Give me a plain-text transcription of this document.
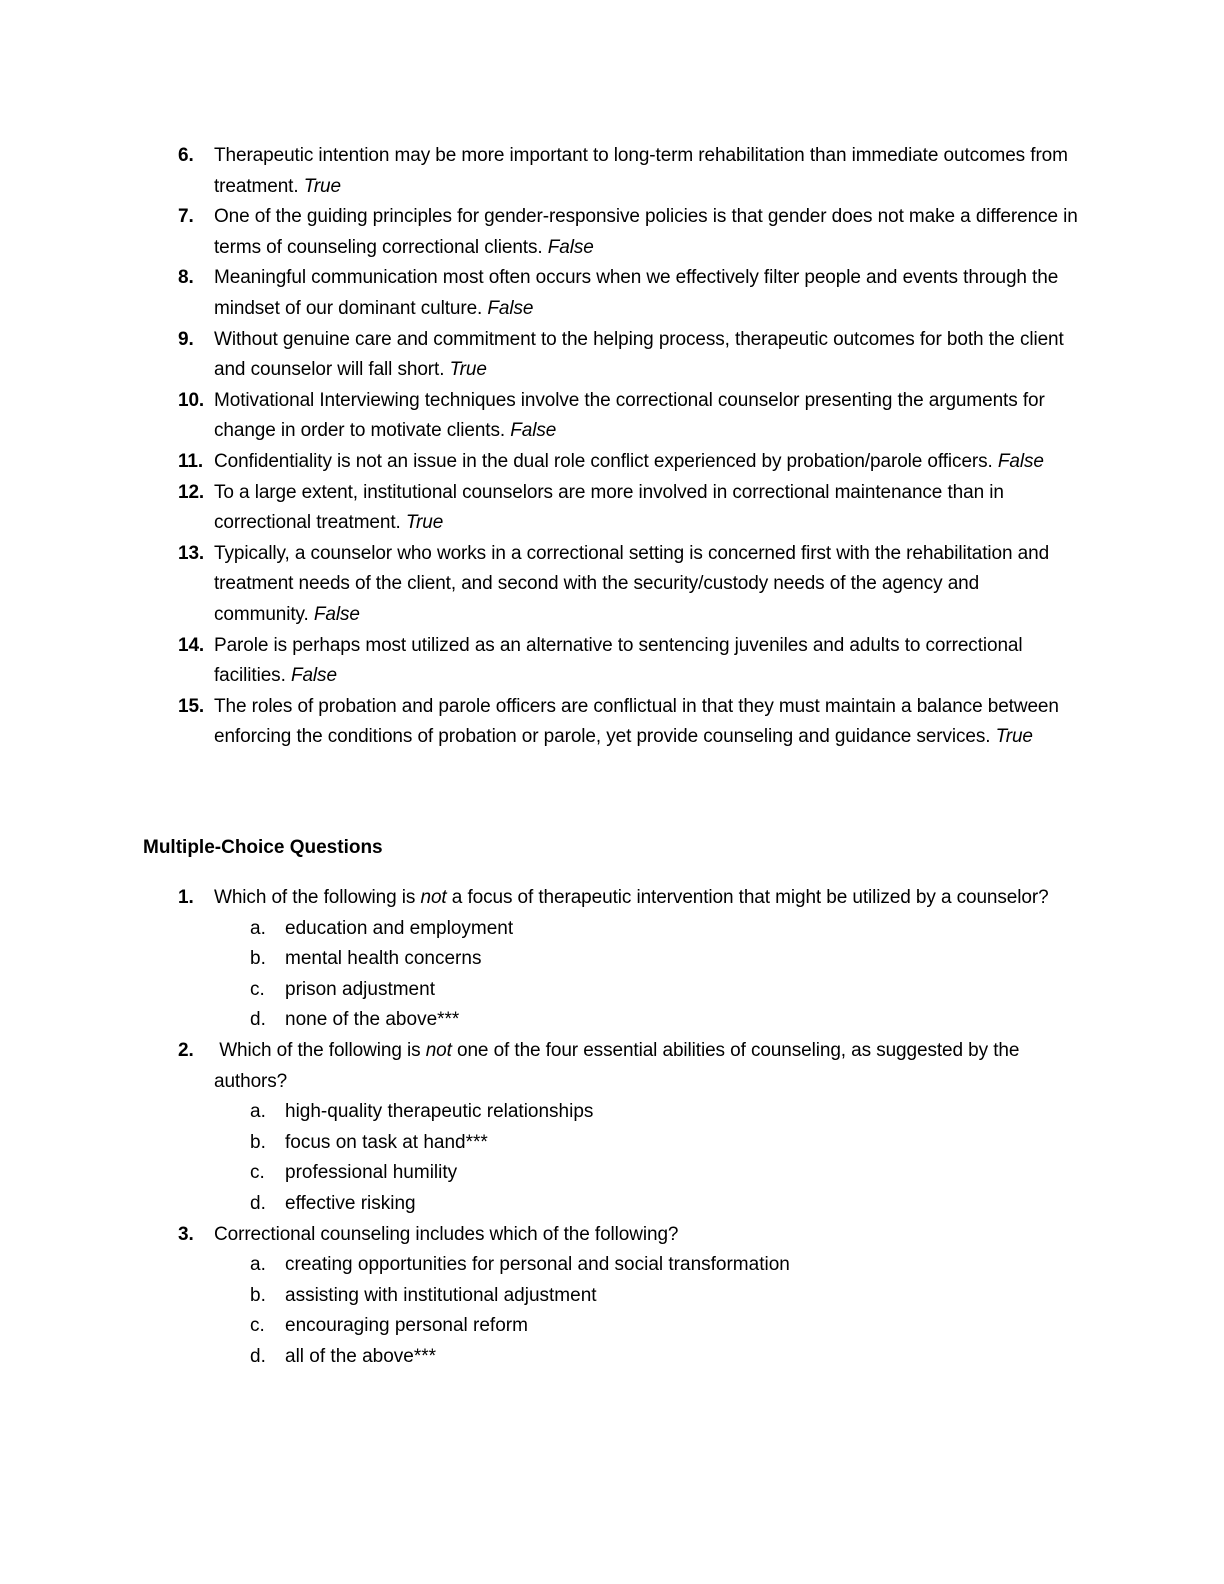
6. Therapeutic intention may be more important to long-term rehabilitation than immediate outcomes from treatment. True
7. One of the guiding principles for gender-responsive policies is that gender does not make a difference in terms of counseling correctional clients. False
8. Meaningful communication most often occurs when we effectively filter people and events through the mindset of our dominant culture. False
9. Without genuine care and commitment to the helping process, therapeutic outcomes for both the client and counselor will fall short. True
10. Motivational Interviewing techniques involve the correctional counselor presenting the arguments for change in order to motivate clients. False
11. Confidentiality is not an issue in the dual role conflict experienced by probation/parole officers. False
12. To a large extent, institutional counselors are more involved in correctional maintenance than in correctional treatment. True
13. Typically, a counselor who works in a correctional setting is concerned first with the rehabilitation and treatment needs of the client, and second with the security/custody needs of the agency and community. False
14. Parole is perhaps most utilized as an alternative to sentencing juveniles and adults to correctional facilities. False
15. The roles of probation and parole officers are conflictual in that they must maintain a balance between enforcing the conditions of probation or parole, yet provide counseling and guidance services. True
Multiple-Choice Questions
1. Which of the following is not a focus of therapeutic intervention that might be utilized by a counselor?
a. education and employment
b. mental health concerns
c. prison adjustment
d. none of the above***
2. Which of the following is not one of the four essential abilities of counseling, as suggested by the authors?
a. high-quality therapeutic relationships
b. focus on task at hand***
c. professional humility
d. effective risking
3. Correctional counseling includes which of the following?
a. creating opportunities for personal and social transformation
b. assisting with institutional adjustment
c. encouraging personal reform
d. all of the above***
